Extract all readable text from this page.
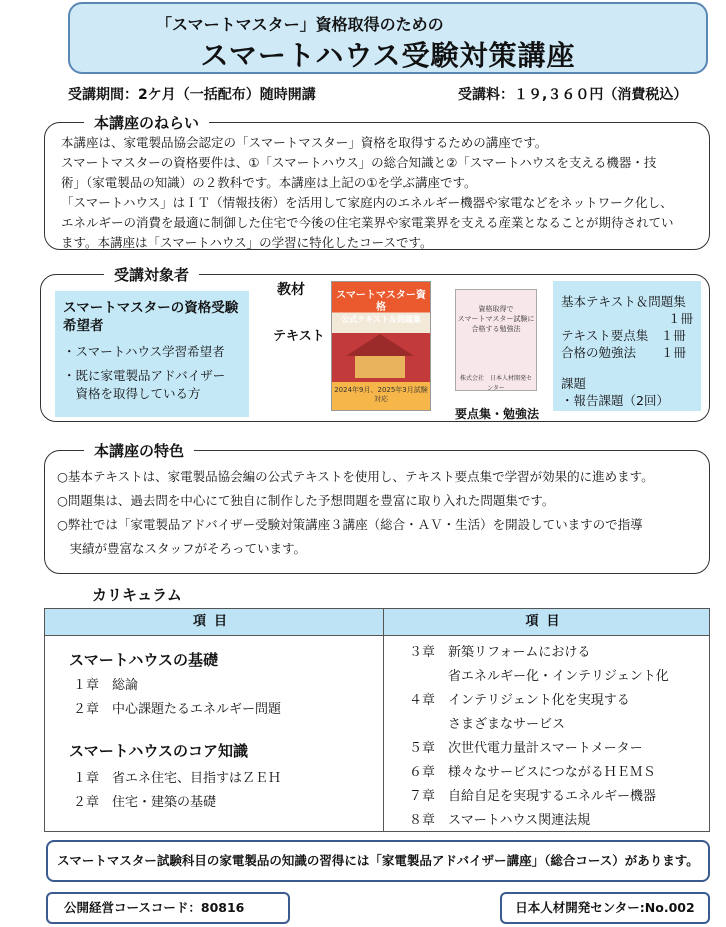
「スマートマスター」資格取得のための
スマートハウス受験対策講座
受講期間：2ケ月（一括配布）随時開講	受講料：１９,３６０円（消費税込）
本講座は、家電製品協会認定の「スマートマスター」資格を取得するための講座です。
スマートマスターの資格要件は、①「スマートハウス」の総合知識と②「スマートハウスを支える機器・技
術」（家電製品の知識）の２教科です。本講座は上記の①を学ぶ講座です。
「スマートハウス」はＩＴ（情報技術）を活用して家庭内のエネルギー機器や家電などをネットワーク化し、
エネルギーの消費を最適に制御した住宅で今後の住宅業界や家電業界を支える産業となることが期待されてい
ます。本講座は「スマートハウス」の学習に特化したコースです。
本講座のねらい
スマートマスターの資格受験希望者
・スマートハウス学習希望者
・既に家電製品アドバイザー
　資格を取得している方
教材
テキスト
スマートマスター資格
公式テキスト＆問題集
2024年9月、2025年3月試験対応
資格取得で
スマートマスター試験に
合格する勉強法
株式会社　日本人材開発センター
要点集・勉強法
基本テキスト＆問題集
１冊
テキスト要点集　１冊
合格の勉強法　　１冊
課題
・報告課題（2回）
受講対象者
○基本テキストは、家電製品協会編の公式テキストを使用し、テキスト要点集で学習が効果的に進めます。
○問題集は、過去問を中心にて独自に制作した予想問題を豊富に取り入れた問題集です。
○弊社では「家電製品アドバイザー受験対策講座３講座（総合・ＡＶ・生活）を開設していますので指導
　実績が豊富なスタッフがそろっています。
本講座の特色
カリキュラム
項目	項目
スマートハウスの基礎
１章　総論
２章　中心課題たるエネルギー問題
スマートハウスのコア知識
１章　省エネ住宅、目指すはＺＥＨ
２章　住宅・建築の基礎
３章　新築リフォームにおける
　　　省エネルギー化・インテリジェント化
４章　インテリジェント化を実現する
　　　さまざまなサービス
５章　次世代電力量計スマートメーター
６章　様々なサービスにつながるＨＥＭＳ
７章　自給自足を実現するエネルギー機器
８章　スマートハウス関連法規
スマートマスター試験科目の家電製品の知識の習得には「家電製品アドバイザー講座」（総合コース）があります。
公開経営コースコード：80816	日本人材開発センター:No.002
